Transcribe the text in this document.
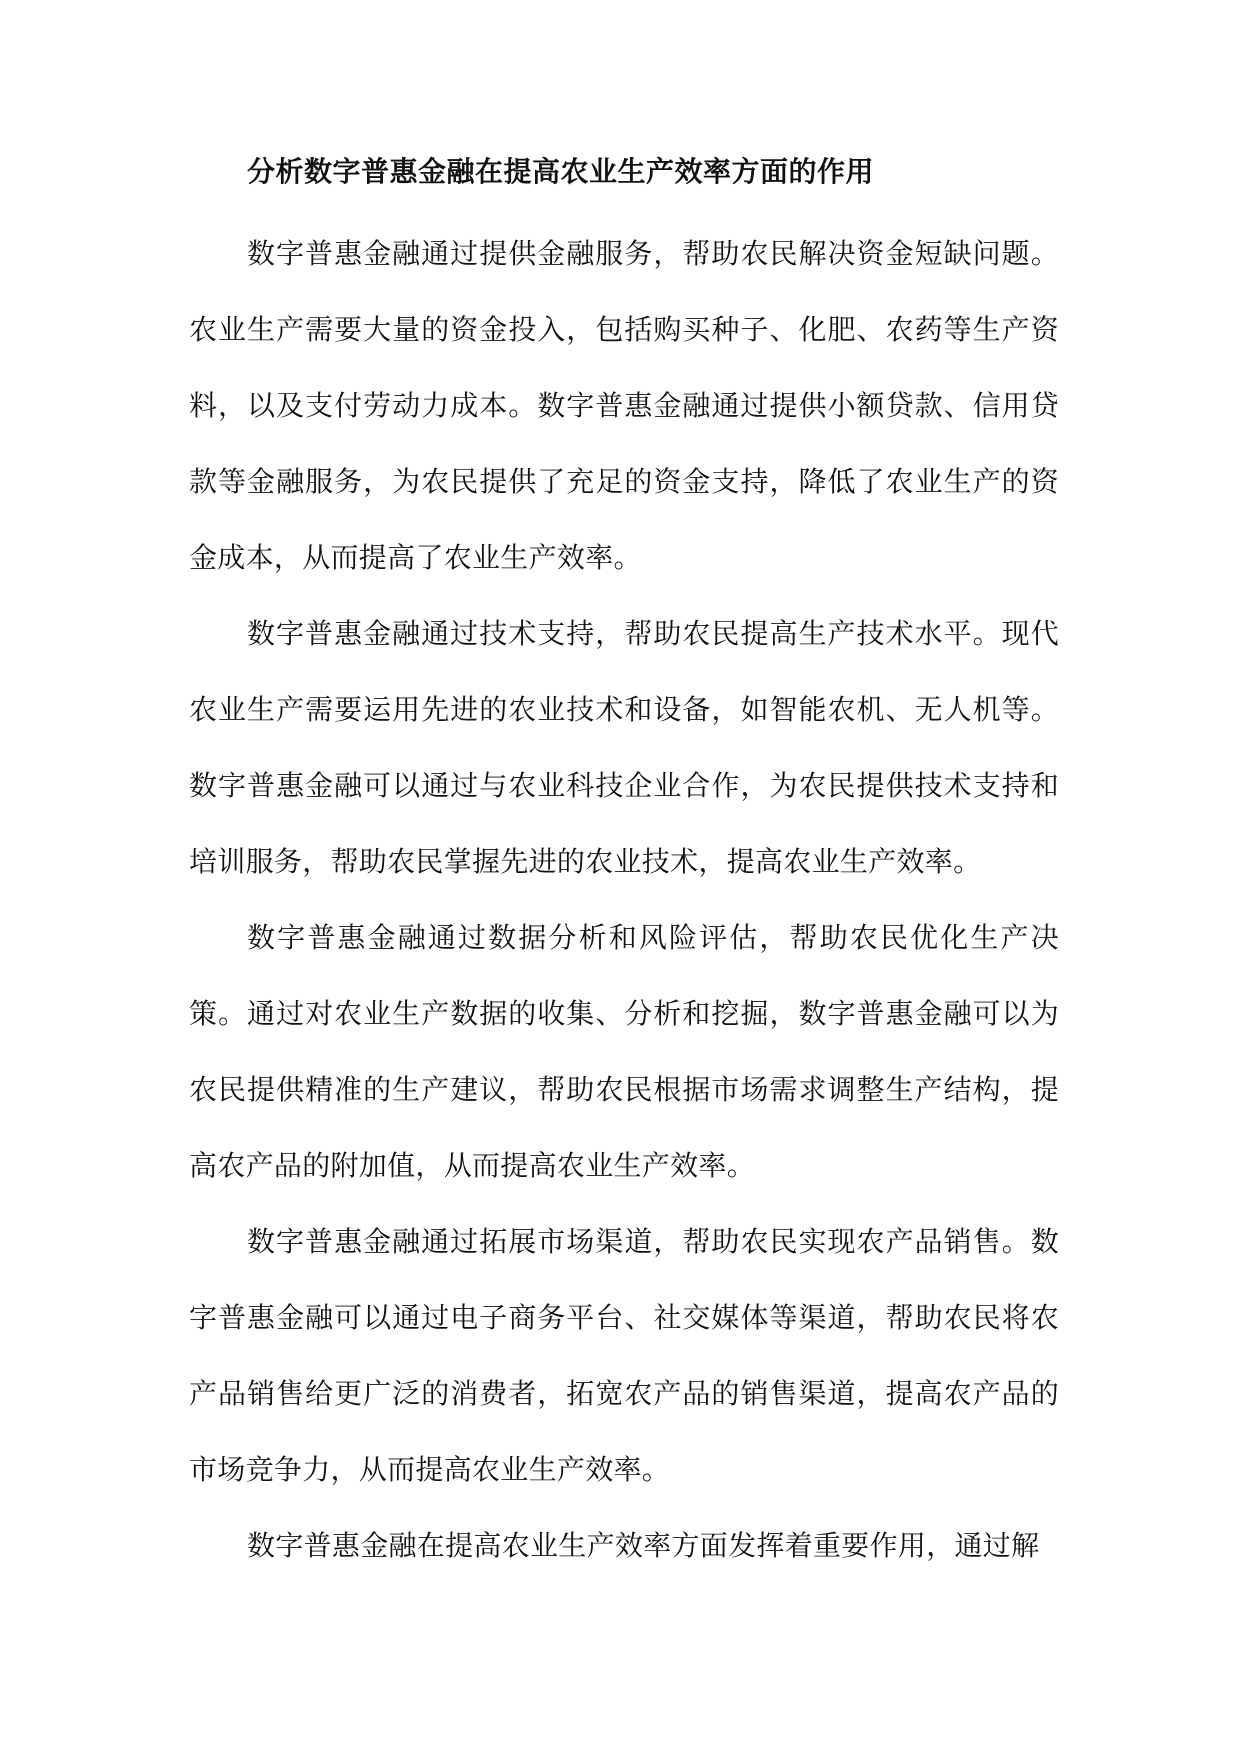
分析数字普惠金融在提高农业生产效率方面的作用

数字普惠金融通过提供金融服务，帮助农民解决资金短缺问题。农业生产需要大量的资金投入，包括购买种子、化肥、农药等生产资料，以及支付劳动力成本。数字普惠金融通过提供小额贷款、信用贷款等金融服务，为农民提供了充足的资金支持，降低了农业生产的资金成本，从而提高了农业生产效率。

数字普惠金融通过技术支持，帮助农民提高生产技术水平。现代农业生产需要运用先进的农业技术和设备，如智能农机、无人机等。数字普惠金融可以通过与农业科技企业合作，为农民提供技术支持和培训服务，帮助农民掌握先进的农业技术，提高农业生产效率。

数字普惠金融通过数据分析和风险评估，帮助农民优化生产决策。通过对农业生产数据的收集、分析和挖掘，数字普惠金融可以为农民提供精准的生产建议，帮助农民根据市场需求调整生产结构，提高农产品的附加值，从而提高农业生产效率。

数字普惠金融通过拓展市场渠道，帮助农民实现农产品销售。数字普惠金融可以通过电子商务平台、社交媒体等渠道，帮助农民将农产品销售给更广泛的消费者，拓宽农产品的销售渠道，提高农产品的市场竞争力，从而提高农业生产效率。

数字普惠金融在提高农业生产效率方面发挥着重要作用，通过解
